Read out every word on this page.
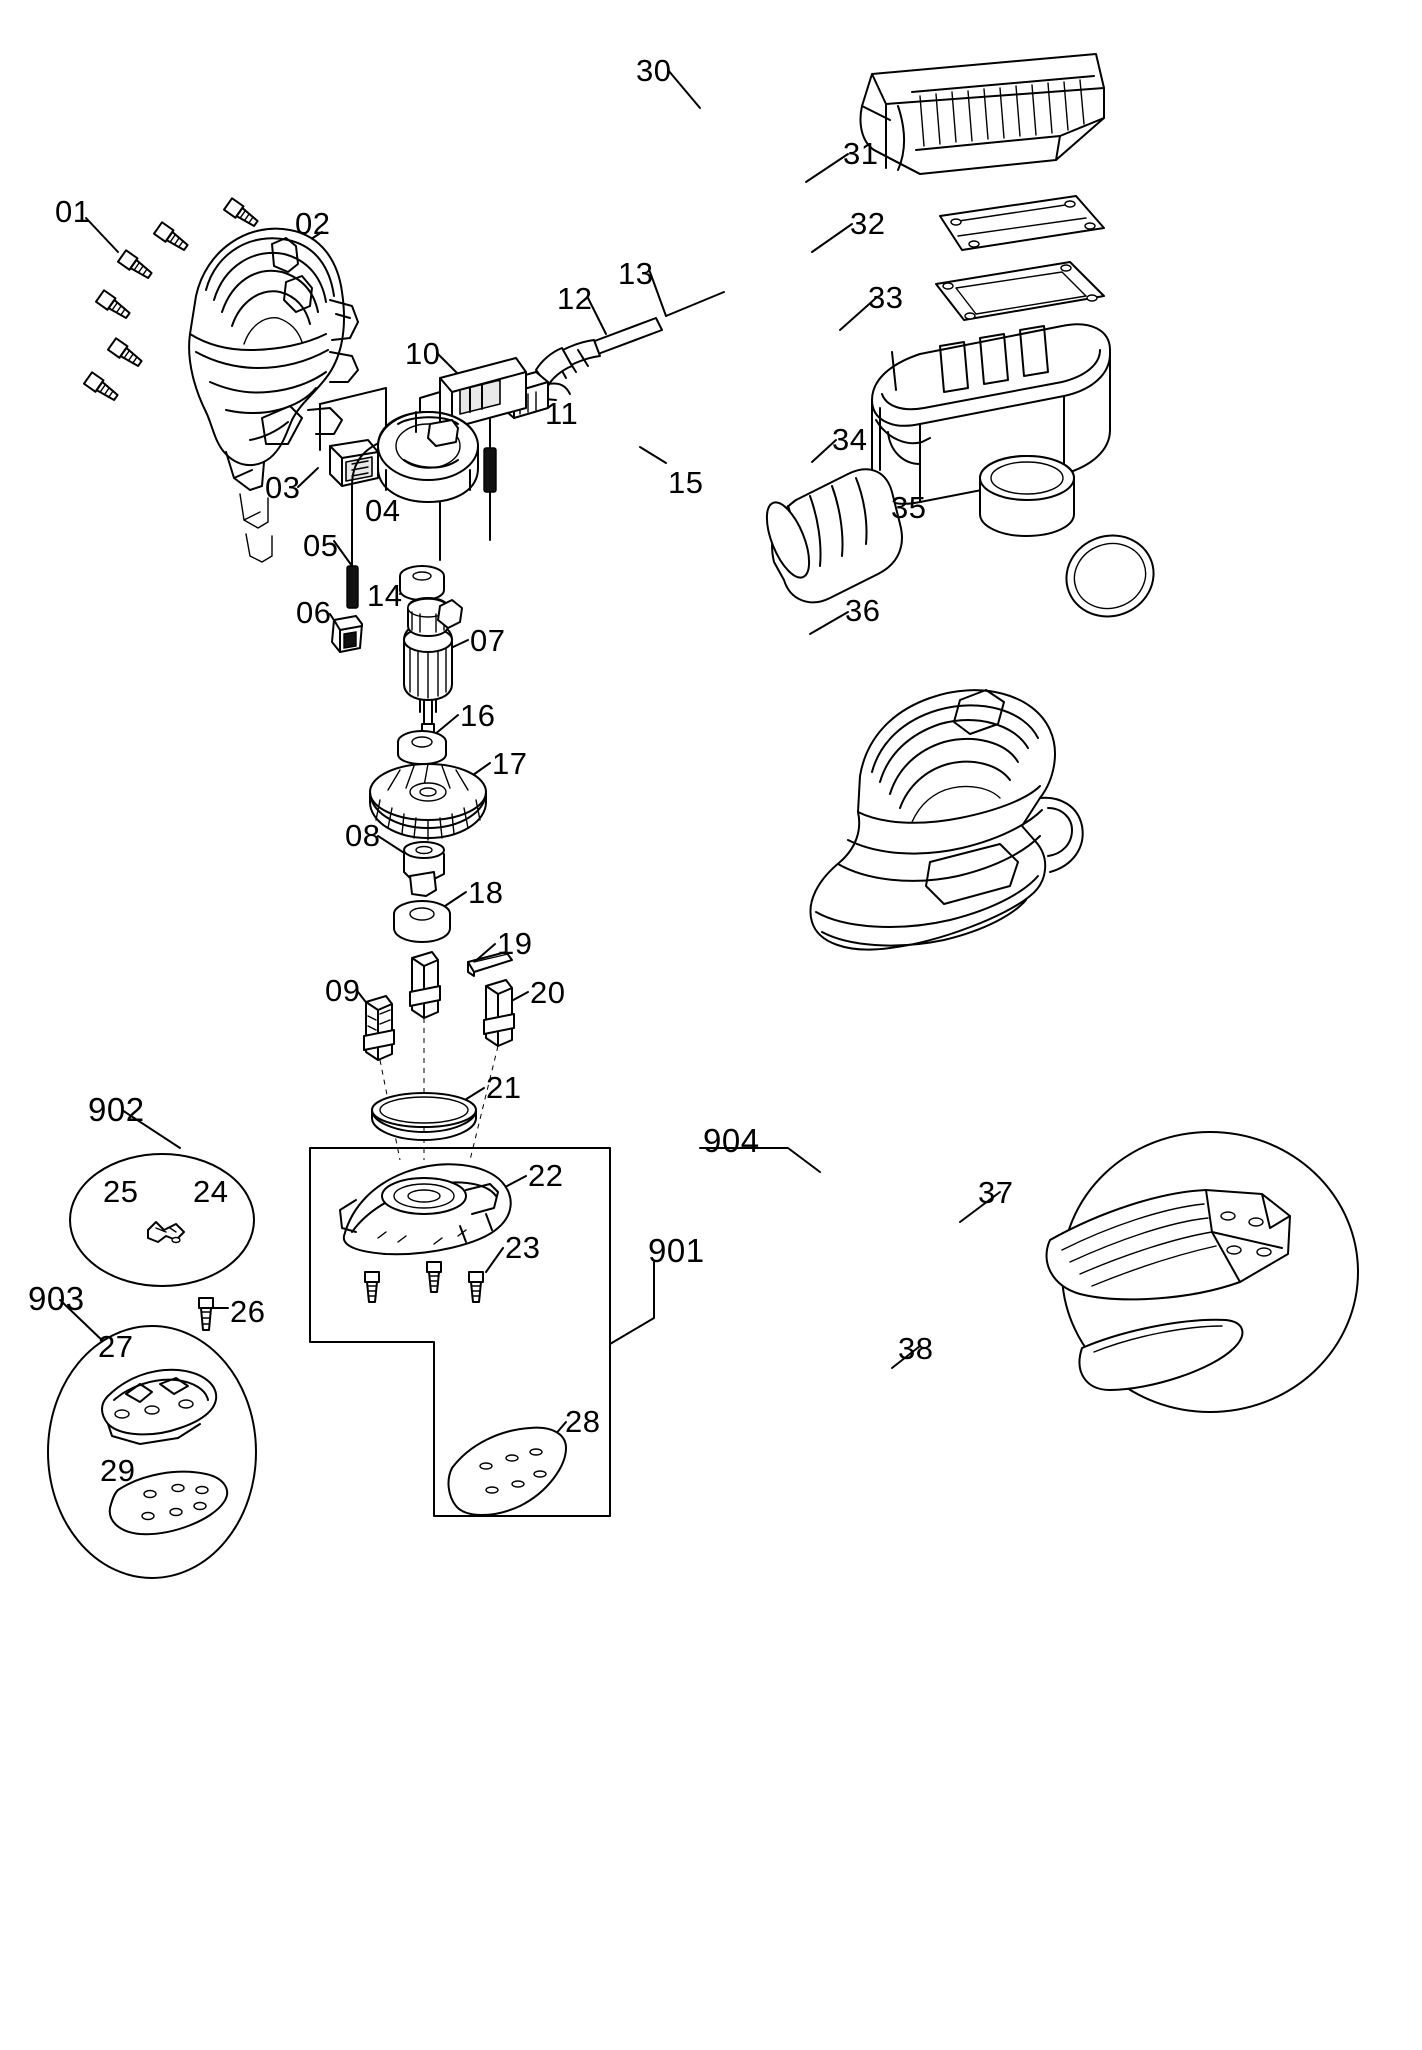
01	02
03
04
05
06
07
08
09
10
11
12
13
14
15
16
17
18
19
20
21
22
23
24
25
26
27
28
29
30
31
32
33
34
35
36
37
38
901
902
903
904
